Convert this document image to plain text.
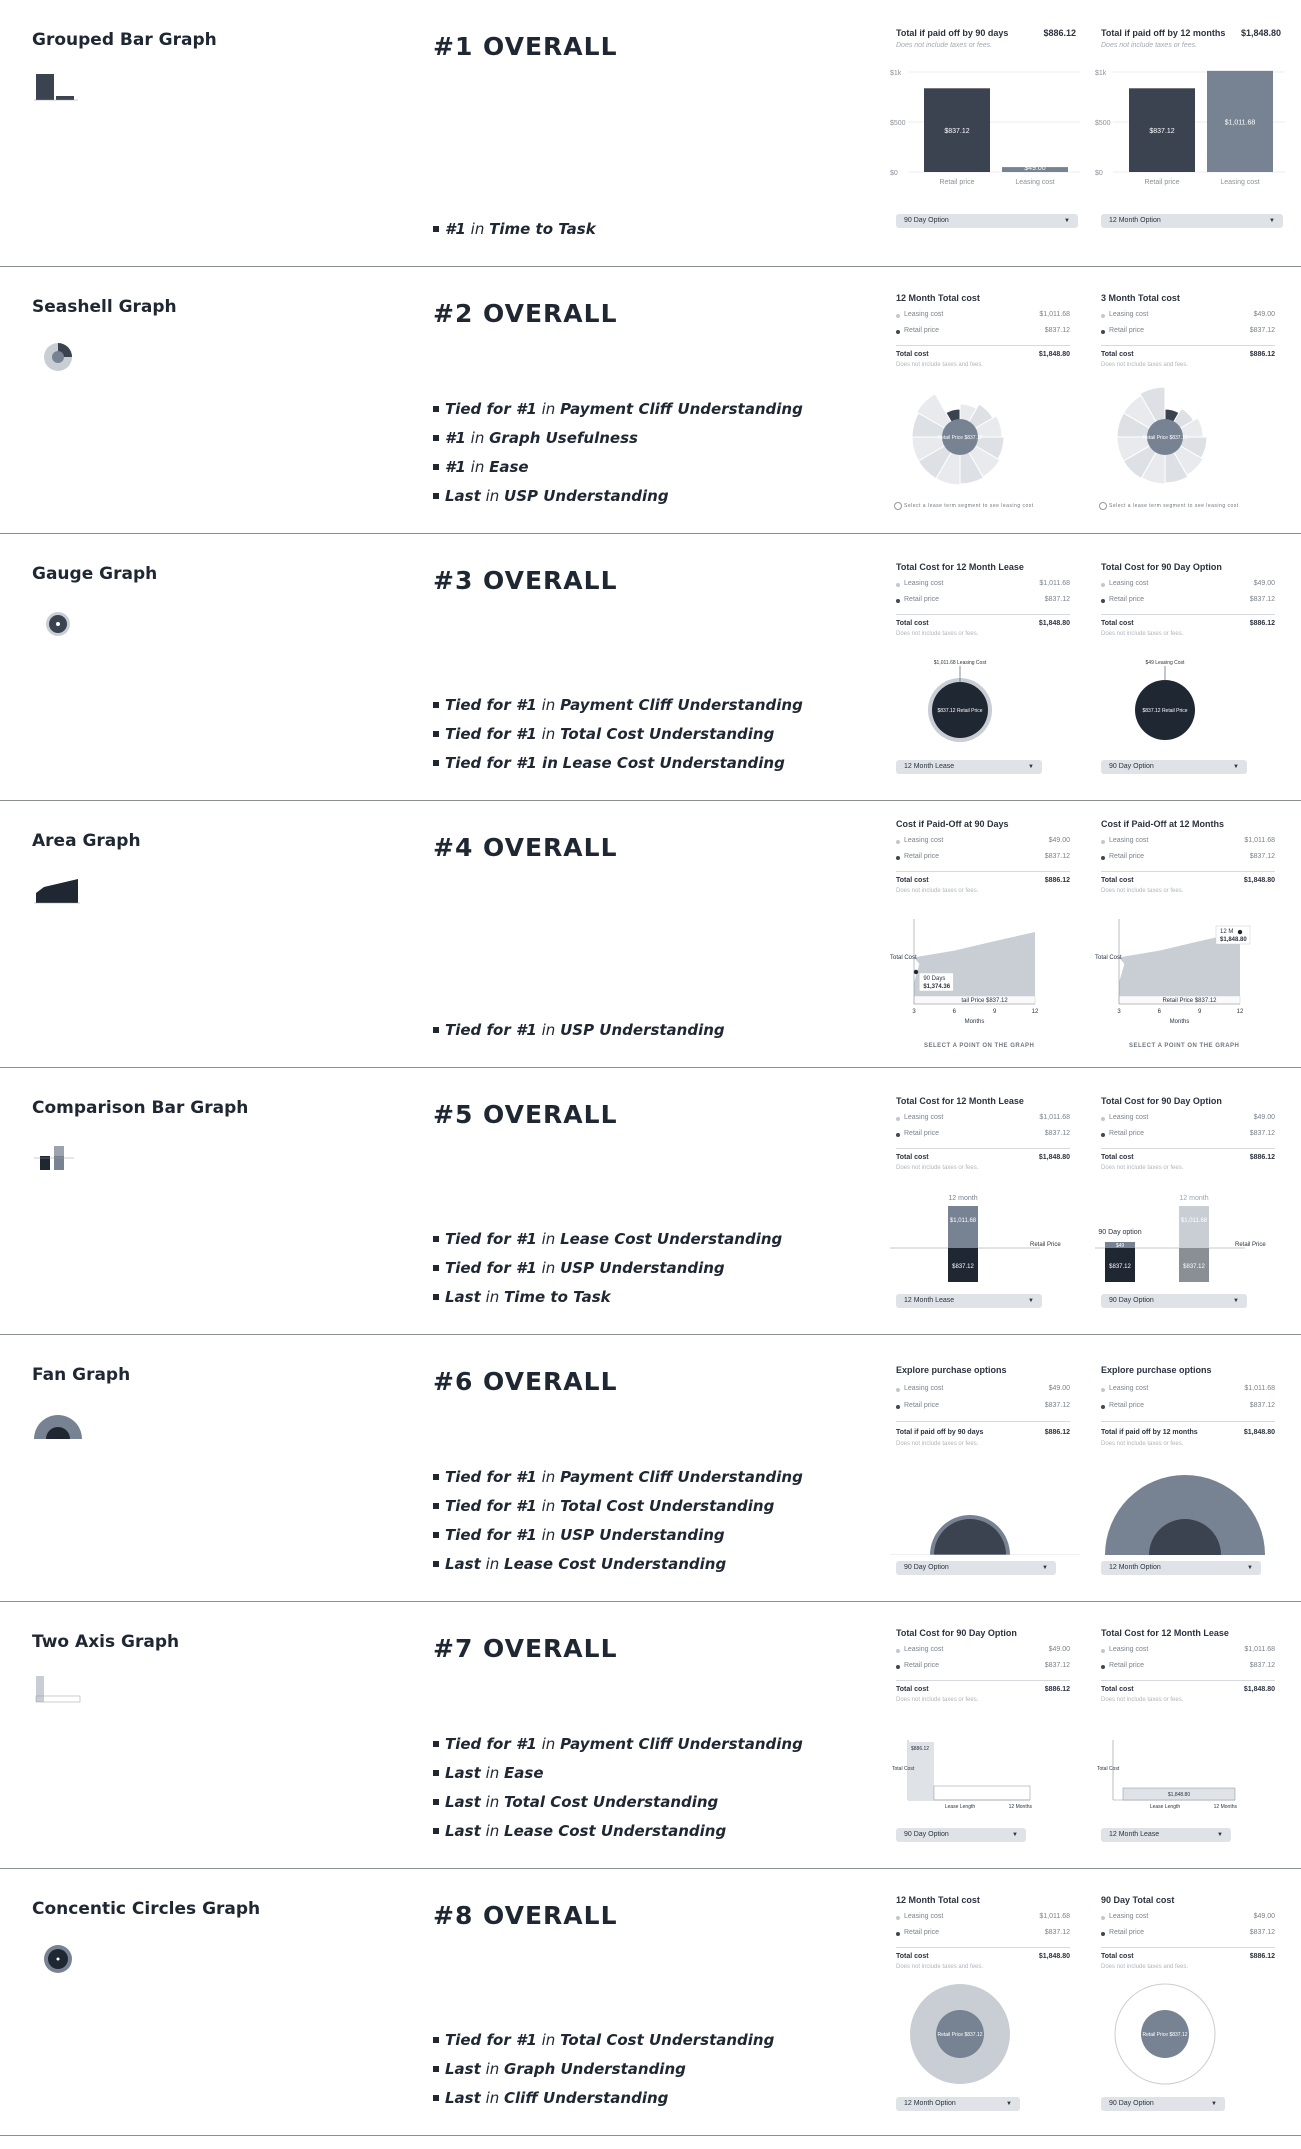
Grouped Bar Graph	#1 OVERALL
#1 in Time to Task
Total if paid off by 90 days	$886.12
Does not include taxes or fees.
$1k
$500
$0
$837.12
Retail price
$49.00
Leasing cost
90 Day Option	▼
Total if paid off by 12 months $1,848.80
Does not include taxes or fees.
$1k
$500
$0
$837.12
Retail price
$1,011.68
Leasing cost
12 Month Option	▼
Seashell Graph	#2 OVERALL
Tied for #1 in Payment Cliff Understanding
#1 in Graph Usefulness
#1 in Ease
Last in USP Understanding
12 Month Total cost
Leasing cost	$1,011.68
Retail price	$837.12
Total cost	$1,848.80
Does not include taxes and fees.
Retail Price $837.12
Select a lease term segment to see leasing cost
3 Month Total cost
Leasing cost	$49.00
Retail price	$837.12
Total cost	$886.12
Does not include taxes and fees.
Retail Price $837.12
Select a lease term segment to see leasing cost
Gauge Graph	#3 OVERALL
Tied for #1 in Payment Cliff Understanding
Tied for #1 in Total Cost Understanding
Tied for #1 in Lease Cost Understanding
Total Cost for 12 Month Lease
Leasing cost	$1,011.68
Retail price	$837.12
Total cost	$1,848.80
Does not include taxes or fees.
$1,011.68 Leasing Cost
$837.12 Retail Price
12 Month Lease	▼
Total Cost for 90 Day Option
Leasing cost	$49.00
Retail price	$837.12
Total cost	$886.12
Does not include taxes or fees.
$49 Leasing Cost
$837.12 Retail Price
90 Day Option	▼
Area Graph	#4 OVERALL
Tied for #1 in USP Understanding
Cost if Paid-Off at 90 Days
Leasing cost	$49.00
Retail price	$837.12
Total cost	$886.12
Does not include taxes or fees.
tail Price $837.12
3	6	9	12
Months
Total Cost
90 Days
$1,374.36
SELECT A POINT ON THE GRAPH
Cost if Paid-Off at 12 Months
Leasing cost	$1,011.68
Retail price	$837.12
Total cost	$1,848.80
Does not include taxes or fees.
Retail Price $837.12
3	6	9	12
Months
Total Cost
12 M
$1,848.80
SELECT A POINT ON THE GRAPH
Comparison Bar Graph	#5 OVERALL
Tied for #1 in Lease Cost Understanding
Tied for #1 in USP Understanding
Last in Time to Task
Total Cost for 12 Month Lease
Leasing cost	$1,011.68
Retail price	$837.12
Total cost	$1,848.80
Does not include taxes or fees.
Retail Price
12 month
$1,011.68
$837.12
12 Month Lease	▼
Total Cost for 90 Day Option
Leasing cost	$49.00
Retail price	$837.12
Total cost	$886.12
Does not include taxes or fees.
Retail Price
90 Day option
12 month
$49
$1,011.68
$837.12	$837.12
90 Day Option	▼
Fan Graph	#6 OVERALL
Tied for #1 in Payment Cliff Understanding
Tied for #1 in Total Cost Understanding
Tied for #1 in USP Understanding
Last in Lease Cost Understanding
Explore purchase options
Leasing cost	$49.00
Retail price	$837.12
Total if paid off by 90 days	$886.12
Does not include taxes or fees.
90 Day Option	▼
Explore purchase options
Leasing cost	$1,011.68
Retail price	$837.12
Total if paid off by 12 months	$1,848.80
Does not include taxes or fees.
12 Month Option	▼
Two Axis Graph	#7 OVERALL
Tied for #1 in Payment Cliff Understanding
Last in Ease
Last in Total Cost Understanding
Last in Lease Cost Understanding
Total Cost for 90 Day Option
Leasing cost	$49.00
Retail price	$837.12
Total cost	$886.12
Does not include taxes or fees.
$886.12
Total Cost
Lease Length	12 Months
90 Day Option	▼
Total Cost for 12 Month Lease
Leasing cost	$1,011.68
Retail price	$837.12
Total cost	$1,848.80
Does not include taxes or fees.
$1,848.80
Total Cost
Lease Length	12 Months
12 Month Lease	▼
Concentic Circles Graph	#8 OVERALL
Tied for #1 in Total Cost Understanding
Last in Graph Understanding
Last in Cliff Understanding
12 Month Total cost
Leasing cost	$1,011.68
Retail price	$837.12
Total cost	$1,848.80
Does not include taxes and fees.
Retail Price $837.12
12 Month Option	▼
90 Day Total cost
Leasing cost	$49.00
Retail price	$837.12
Total cost	$886.12
Does not include taxes and fees.
Retail Price $837.12
90 Day Option	▼
